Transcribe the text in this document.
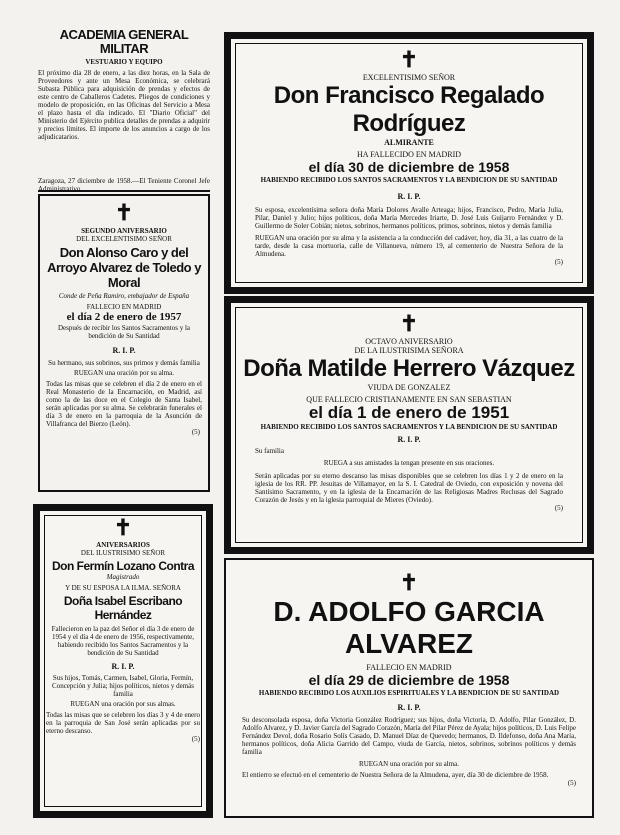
ACADEMIA GENERAL MILITAR
VESTUARIO Y EQUIPO
El próximo día 28 de enero, a las diez horas, en la Sala de Proveedores y ante un Mesa Económica, se celebrará Subasta Pública para adquisición de prendas y efectos de este centro de Caballeros Cadetes. Pliegos de condiciones y modelo de proposición, en las Oficinas del Servicio a Mesa el plazo hasta el día indicado. El "Diario Oficial" del Ministerio del Ejército publica detalles de prendas a adquirir y precios límites. El importe de los anuncios a cargo de los adjudicatarios.
Zaragoza, 27 diciembre de 1958.—El Teniente Coronel Jefe Administrativo.
✝
SEGUNDO ANIVERSARIO
DEL EXCELENTISIMO SEÑOR
Don Alonso Caro y del Arroyo Alvarez de Toledo y Moral
Conde de Peña Ramiro, embajador de España
FALLECIO EN MADRID
el día 2 de enero de 1957
Después de recibir los Santos Sacramentos y la bendición de Su Santidad
R. I. P.
Su hermano, sus sobrinos, sus primos y demás familia
RUEGAN una oración por su alma.
Todas las misas que se celebren el día 2 de enero en el Real Monasterio de la Encarnación, en Madrid, así como la de las doce en el Colegio de Santa Isabel, serán aplicadas por su alma. Se celebrarán funerales el día 3 de enero en la parroquia de la Asunción de Villafranca del Bierzo (León).
(5)
✝
ANIVERSARIOS
DEL ILUSTRISIMO SEÑOR
Don Fermín Lozano Contra
Magistrado
Y DE SU ESPOSA LA ILMA. SEÑORA
Doña Isabel Escribano Hernández
Fallecieron en la paz del Señor el día 3 de enero de 1954 y el día 4 de enero de 1956, respectivamente, habiendo recibido los Santos Sacramentos y la bendición de Su Santidad
R. I. P.
Sus hijos, Tomás, Carmen, Isabel, Gloria, Fermín, Concepción y Julia; hijos políticos, nietos y demás familia
RUEGAN una oración por sus almas.
Todas las misas que se celebren los días 3 y 4 de enero en la parroquia de San José serán aplicadas por su eterno descanso.
(5)
✝
EXCELENTISIMO SEÑOR
Don Francisco Regalado Rodríguez
ALMIRANTE
HA FALLECIDO EN MADRID
el día 30 de diciembre de 1958
HABIENDO RECIBIDO LOS SANTOS SACRAMENTOS Y LA BENDICION DE SU SANTIDAD
R. I. P.
Su esposa, excelentísima señora doña María Dolores Avalle Arteaga; hijos, Francisco, Pedro, María Julia, Pilar, Daniel y Julio; hijos políticos, doña María Mercedes Iriarte, D. José Luis Guijarro Fernández y D. Guillermo de Soler Cobián; nietos, sobrinos, hermanos políticos, primos, sobrinos, nietos y demás familia
RUEGAN una oración por su alma y la asistencia a la conducción del cadáver, hoy, día 31, a las cuatro de la tarde, desde la casa mortuoria, calle de Villanueva, número 19, al cementerio de Nuestra Señora de la Almudena.
(5)
✝
OCTAVO ANIVERSARIO
DE LA ILUSTRISIMA SEÑORA
Doña Matilde Herrero Vázquez
VIUDA DE GONZALEZ
QUE FALLECIO CRISTIANAMENTE EN SAN SEBASTIAN
el día 1 de enero de 1951
HABIENDO RECIBIDO LOS SANTOS SACRAMENTOS Y LA BENDICION DE SU SANTIDAD
R. I. P.
Su familia
RUEGA a sus amistades la tengan presente en sus oraciones.
Serán aplicadas por su eterno descanso las misas disponibles que se celebren los días 1 y 2 de enero en la iglesia de los RR. PP. Jesuitas de Villamayor, en la S. I. Catedral de Oviedo, con exposición y novena del Santísimo Sacramento, y en la iglesia de la Encarnación de las Religiosas Madres Reclusas del Sagrado Corazón de Jesús y en la iglesia parroquial de Mieres (Oviedo).
(5)
✝
D. ADOLFO GARCIA ALVAREZ
FALLECIO EN MADRID
el día 29 de diciembre de 1958
HABIENDO RECIBIDO LOS AUXILIOS ESPIRITUALES Y LA BENDICION DE SU SANTIDAD
R. I. P.
Su desconsolada esposa, doña Victoria González Rodríguez; sus hijos, doña Victoria, D. Adolfo, Pilar González, D. Adolfo Alvarez, y D. Javier García del Sagrado Corazón, María del Pilar Pérez de Ayala; hijos políticos, D. Luis Felipe Fernández Devol, doña Rosario Solís Casado, D. Manuel Díaz de Quevedo; hermanos, D. Ildefonso, doña Ana María, hermanos políticos, doña Alicia Garrido del Campo, viuda de García, nietos, sobrinos, sobrinos políticos y demás familia
RUEGAN una oración por su alma.
El entierro se efectuó en el cementerio de Nuestra Señora de la Almudena, ayer, día 30 de diciembre de 1958.
(5)
